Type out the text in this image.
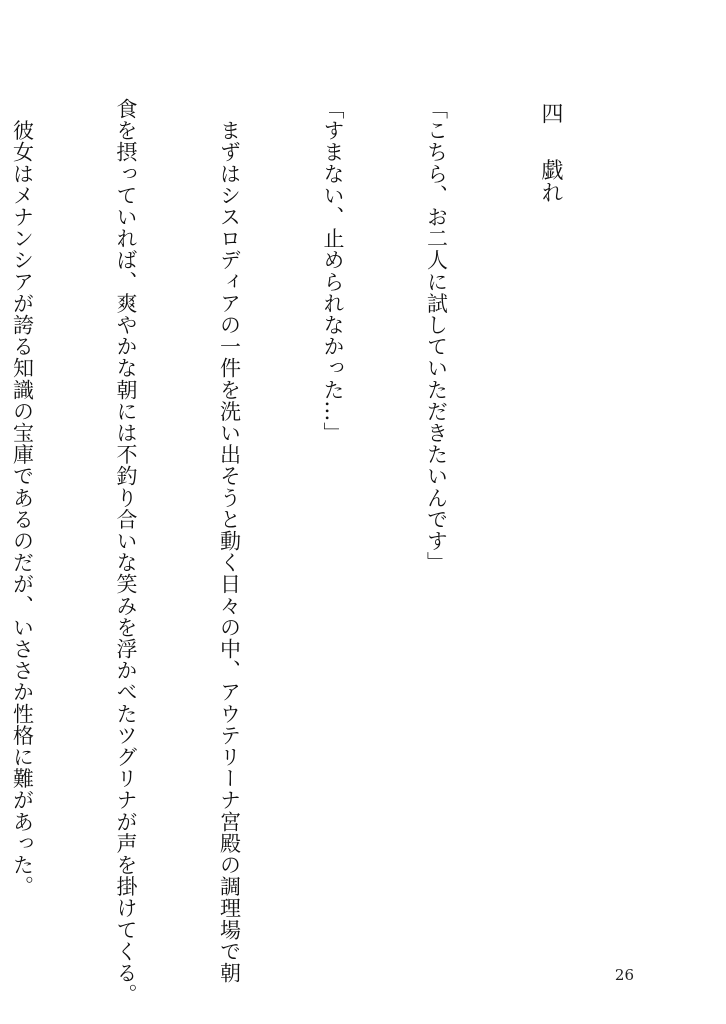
四戯れ

「こちら、お二人に試していただきたいんです」

「すまない、止められなかった…」

　まずはシスロディアの一件を洗い出そうと動く日々の中、アウテリーナ宮殿の調理場で朝

食を摂っていれば、爽やかな朝には不釣り合いな笑みを浮かべたツグリナが声を掛けてくる。

　彼女はメナンシアが誇る知識の宝庫であるのだが、いささか性格に難があった。

26
